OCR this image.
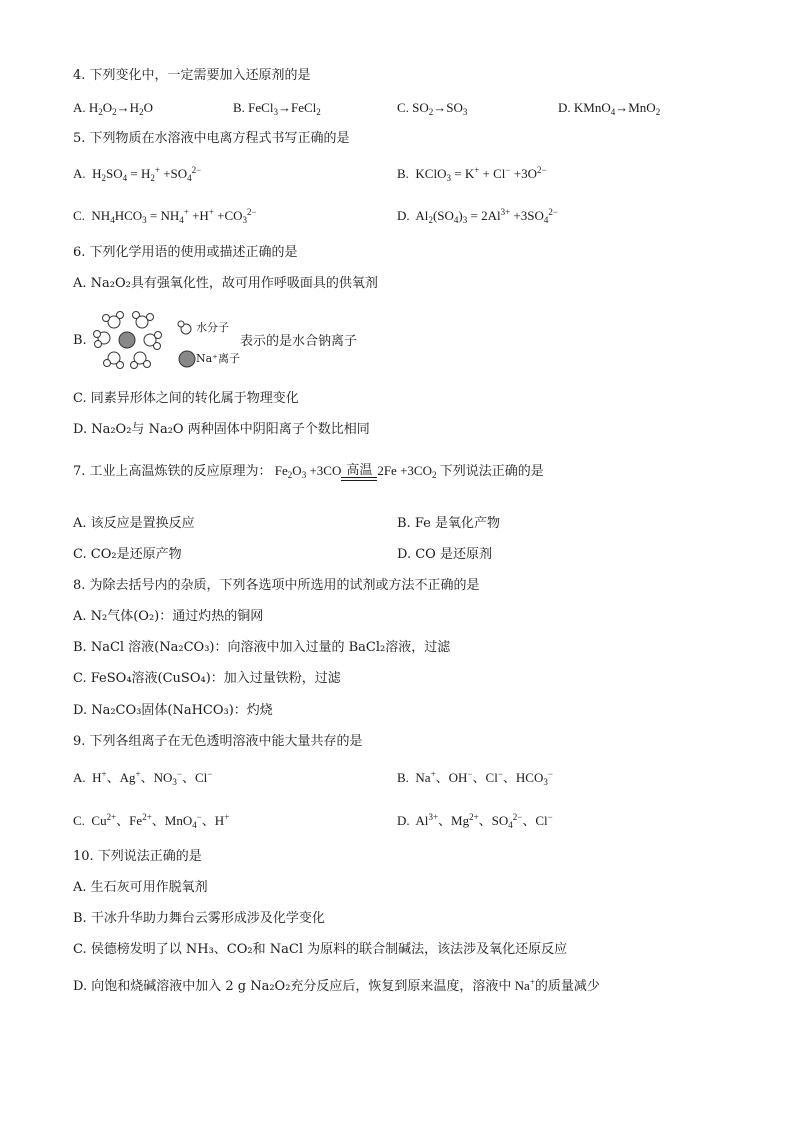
4. 下列变化中，一定需要加入还原剂的是
A. $H_2O_2\to H_2O$	B. FeCl$_3$→FeCl$_2$	C. $SO_2\to SO_3$	D. KMnO$_4$→MnO$_2$
5. 下列物质在水溶液中电离方程式书写正确的是
A.  $H_2SO_4 = H_2^+ +SO_4^{2-}$	B.  KClO$_3$ = $K^+ + Cl^- +3O^{2-}$
C.  $NH_4HCO_3 = NH_4^+ +H^+ +CO_3^{2-}$	D.  $Al_2(SO_4)_3 = 2Al^{3+} +3SO_4^{2-}$
6. 下列化学用语的使用或描述正确的是
A. Na₂O₂具有强氧化性，故可用作呼吸面具的供氧剂
B.
水分子
Na⁺离子
表示的是水合钠离子
C. 同素异形体之间的转化属于物理变化
D. Na₂O₂与 Na₂O 两种固体中阴阳离子个数比相同
7. 工业上高温炼铁的反应原理为： $Fe_2O_3 +3CO$ 高温 $2Fe +3CO_2$ 下列说法正确的是
A. 该反应是置换反应	B. Fe 是氧化产物
C. CO₂是还原产物	D. CO 是还原剂
8. 为除去括号内的杂质，下列各选项中所选用的试剂或方法不正确的是
A. N₂气体(O₂)：通过灼热的铜网
B. NaCl 溶液(Na₂CO₃)：向溶液中加入过量的 BaCl₂溶液，过滤
C. FeSO₄溶液(CuSO₄)：加入过量铁粉，过滤
D. Na₂CO₃固体(NaHCO₃)：灼烧
9. 下列各组离子在无色透明溶液中能大量共存的是
A.  H+、Ag+、$NO_3^-$、Cl−	B.  Na+、OH−、Cl−、$HCO_3^-$
C.  $Cu^{2+}$、$Fe^{2+}$、MnO$_4$−、H+	D.  $Al^{3+}$、$Mg^{2+}$、$SO_4^{2-}$、Cl−
10. 下列说法正确的是
A. 生石灰可用作脱氧剂
B. 干冰升华助力舞台云雾形成涉及化学变化
C. 侯德榜发明了以 NH₃、CO₂和 NaCl 为原料的联合制碱法，该法涉及氧化还原反应
D. 向饱和烧碱溶液中加入 2 g Na₂O₂充分反应后，恢复到原来温度，溶液中 Na+的质量减少
